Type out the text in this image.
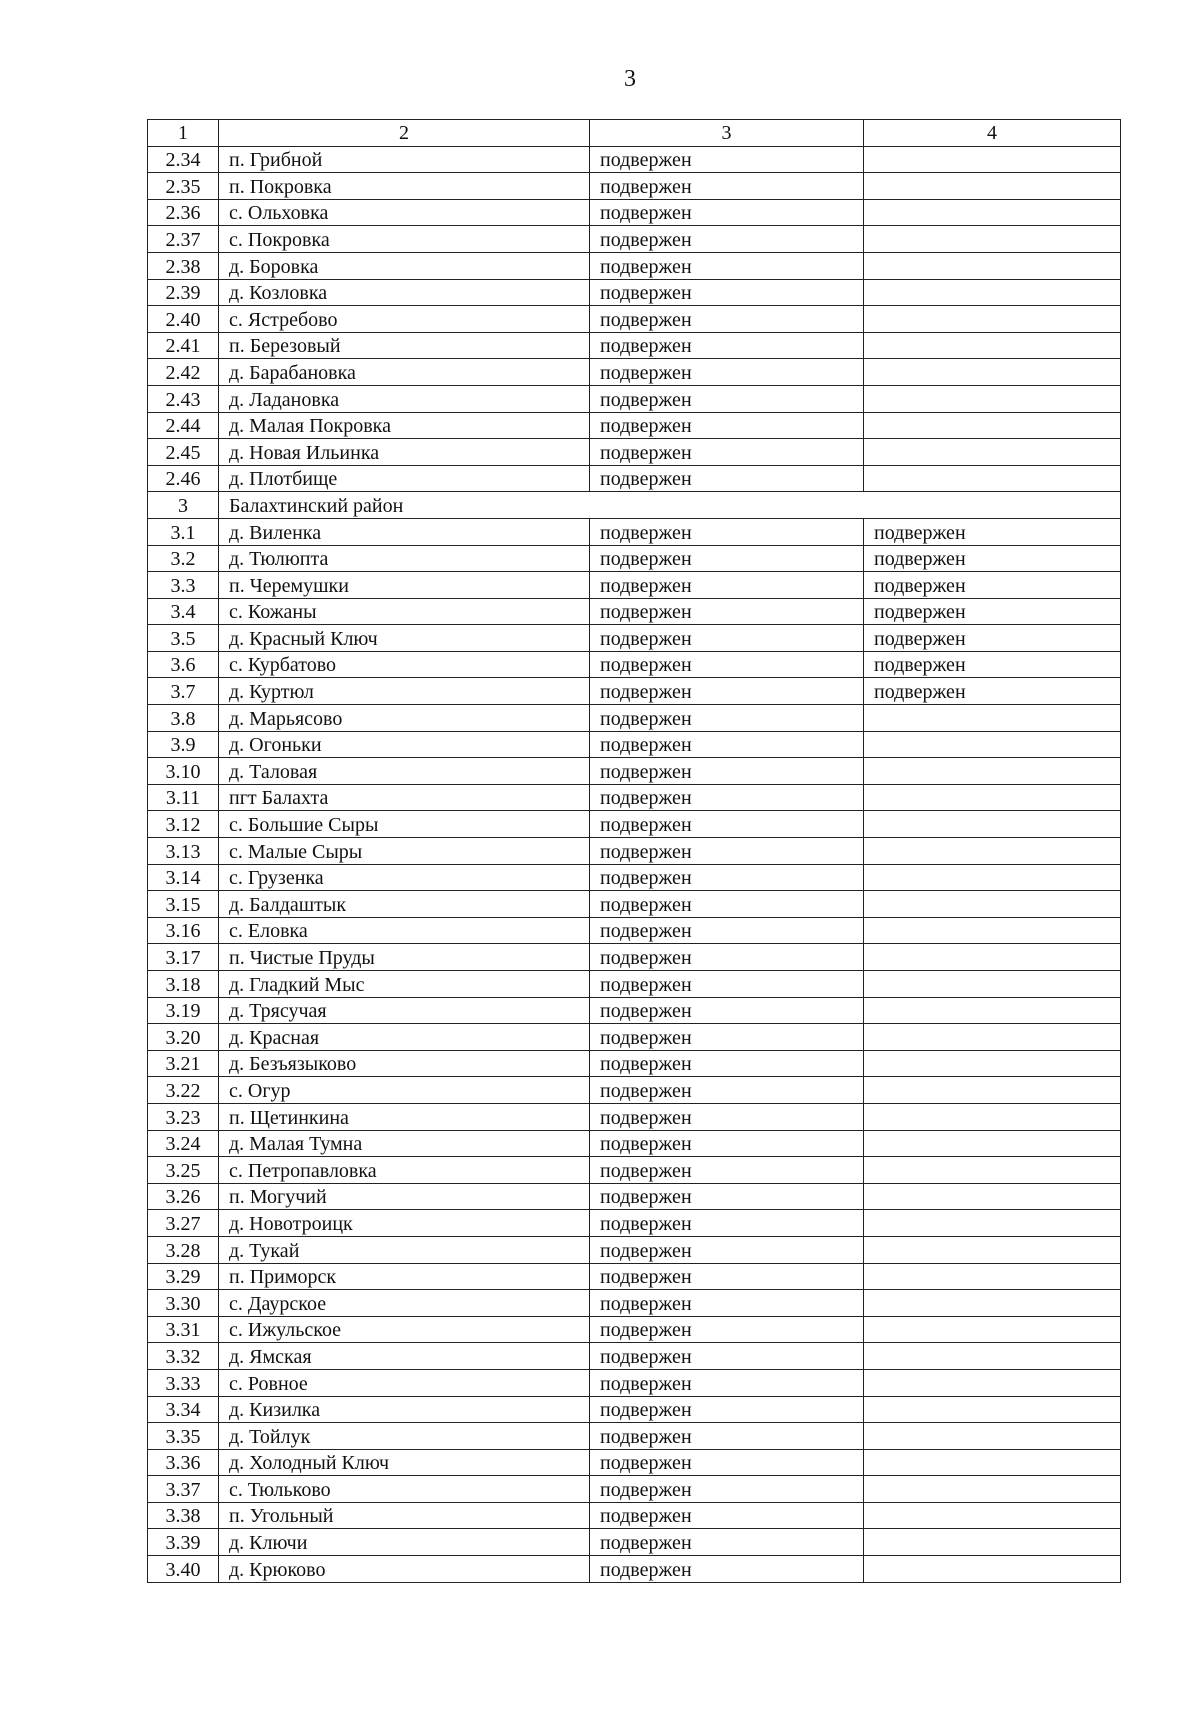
3
1	2	3	4
2.34	п. Грибной	подвержен	
2.35	п. Покровка	подвержен	
2.36	с. Ольховка	подвержен	
2.37	с. Покровка	подвержен	
2.38	д. Боровка	подвержен	
2.39	д. Козловка	подвержен	
2.40	с. Ястребово	подвержен	
2.41	п. Березовый	подвержен	
2.42	д. Барабановка	подвержен	
2.43	д. Ладановка	подвержен	
2.44	д. Малая Покровка	подвержен	
2.45	д. Новая Ильинка	подвержен	
2.46	д. Плотбище	подвержен	
3	Балахтинский район		
3.1	д. Виленка	подвержен	подвержен
3.2	д. Тюлюпта	подвержен	подвержен
3.3	п. Черемушки	подвержен	подвержен
3.4	с. Кожаны	подвержен	подвержен
3.5	д. Красный Ключ	подвержен	подвержен
3.6	с. Курбатово	подвержен	подвержен
3.7	д. Куртюл	подвержен	подвержен
3.8	д. Марьясово	подвержен	
3.9	д. Огоньки	подвержен	
3.10	д. Таловая	подвержен	
3.11	пгт Балахта	подвержен	
3.12	с. Большие Сыры	подвержен	
3.13	с. Малые Сыры	подвержен	
3.14	с. Грузенка	подвержен	
3.15	д. Балдаштык	подвержен	
3.16	с. Еловка	подвержен	
3.17	п. Чистые Пруды	подвержен	
3.18	д. Гладкий Мыс	подвержен	
3.19	д. Трясучая	подвержен	
3.20	д. Красная	подвержен	
3.21	д. Безъязыково	подвержен	
3.22	с. Огур	подвержен	
3.23	п. Щетинкина	подвержен	
3.24	д. Малая Тумна	подвержен	
3.25	с. Петропавловка	подвержен	
3.26	п. Могучий	подвержен	
3.27	д. Новотроицк	подвержен	
3.28	д. Тукай	подвержен	
3.29	п. Приморск	подвержен	
3.30	с. Даурское	подвержен	
3.31	с. Ижульское	подвержен	
3.32	д. Ямская	подвержен	
3.33	с. Ровное	подвержен	
3.34	д. Кизилка	подвержен	
3.35	д. Тойлук	подвержен	
3.36	д. Холодный Ключ	подвержен	
3.37	с. Тюльково	подвержен	
3.38	п. Угольный	подвержен	
3.39	д. Ключи	подвержен	
3.40	д. Крюково	подвержен	
